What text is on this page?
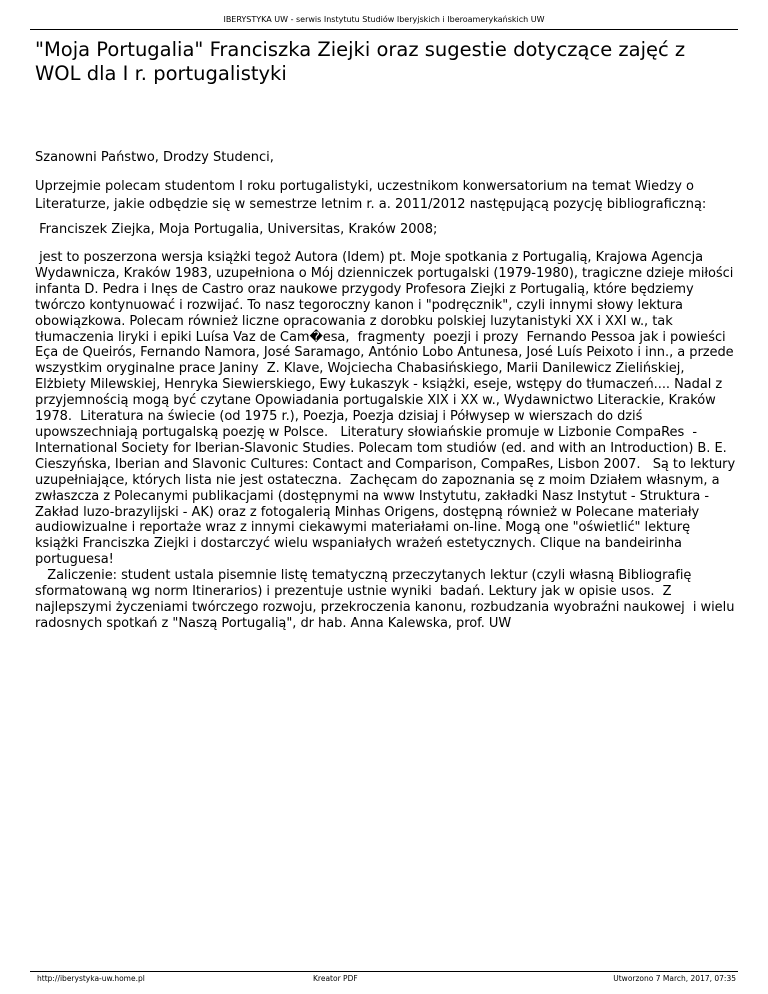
IBERYSTYKA UW - serwis Instytutu Studiów Iberyjskich i Iberoamerykańskich UW
"Moja Portugalia" Franciszka Ziejki oraz sugestie dotyczące zajęć z WOL dla I r. portugalistyki

Szanowni Państwo, Drodzy Studenci,

Uprzejmie polecam studentom I roku portugalistyki, uczestnikom konwersatorium na temat Wiedzy o Literaturze, jakie odbędzie się w semestrze letnim r. a. 2011/2012 następującą pozycję bibliograficzną:

Franciszek Ziejka, Moja Portugalia, Universitas, Kraków 2008;

jest to poszerzona wersja książki tegoż Autora (Idem) pt. Moje spotkania z Portugalią, Krajowa Agencja Wydawnicza, Kraków 1983, uzupełniona o Mój dzienniczek portugalski (1979-1980), tragiczne dzieje miłości infanta D. Pedra i Inęs de Castro oraz naukowe przygody Profesora Ziejki z Portugalią, które będziemy twórczo kontynuować i rozwijać. To nasz tegoroczny kanon i "podręcznik", czyli innymi słowy lektura obowiązkowa. Polecam również liczne opracowania z dorobku polskiej luzytanistyki XX i XXI w., tak tłumaczenia liryki i epiki Luísa Vaz de Cam�esa,  fragmenty  poezji i prozy  Fernando Pessoa jak i powieści Eça de Queirós, Fernando Namora, José Saramago, António Lobo Antunesa, José Luís Peixoto i inn., a przede wszystkim oryginalne prace Janiny  Z. Klave, Wojciecha Chabasińskiego, Marii Danilewicz Zielińskiej,  Elżbiety Milewskiej, Henryka Siewierskiego, Ewy Łukaszyk - książki, eseje, wstępy do tłumaczeń.... Nadal z przyjemnością mogą być czytane Opowiadania portugalskie XIX i XX w., Wydawnictwo Literackie, Kraków 1978.  Literatura na świecie (od 1975 r.), Poezja, Poezja dzisiaj i Półwysep w wierszach do dziś upowszechniają portugalską poezję w Polsce.   Literatury słowiańskie promuje w Lizbonie CompaRes  - International Society for Iberian-Slavonic Studies. Polecam tom studiów (ed. and with an Introduction) B. E. Cieszyńska, Iberian and Slavonic Cultures: Contact and Comparison, CompaRes, Lisbon 2007.   Są to lektury uzupełniające, których lista nie jest ostateczna.  Zachęcam do zapoznania sę z moim Działem własnym, a zwłaszcza z Polecanymi publikacjami (dostępnymi na www Instytutu, zakładki Nasz Instytut - Struktura - Zakład luzo-brazylijski - AK) oraz z fotogalerią Minhas Origens, dostępną również w Polecane materiały audiowizualne i reportaże wraz z innymi ciekawymi materiałami on-line. Mogą one "oświetlić" lekturę książki Franciszka Ziejki i dostarczyć wielu wspaniałych wrażeń estetycznych. Clique na bandeirinha portuguesa!
Zaliczenie: student ustala pisemnie listę tematyczną przeczytanych lektur (czyli własną Bibliografię sformatowaną wg norm Itinerarios) i prezentuje ustnie wyniki  badań. Lektury jak w opisie usos.  Z najlepszymi życzeniami twórczego rozwoju, przekroczenia kanonu, rozbudzania wyobraźni naukowej  i wielu radosnych spotkań z "Naszą Portugalią", dr hab. Anna Kalewska, prof. UW

http://iberystyka-uw.home.pl	Kreator PDF	Utworzono 7 March, 2017, 07:35
